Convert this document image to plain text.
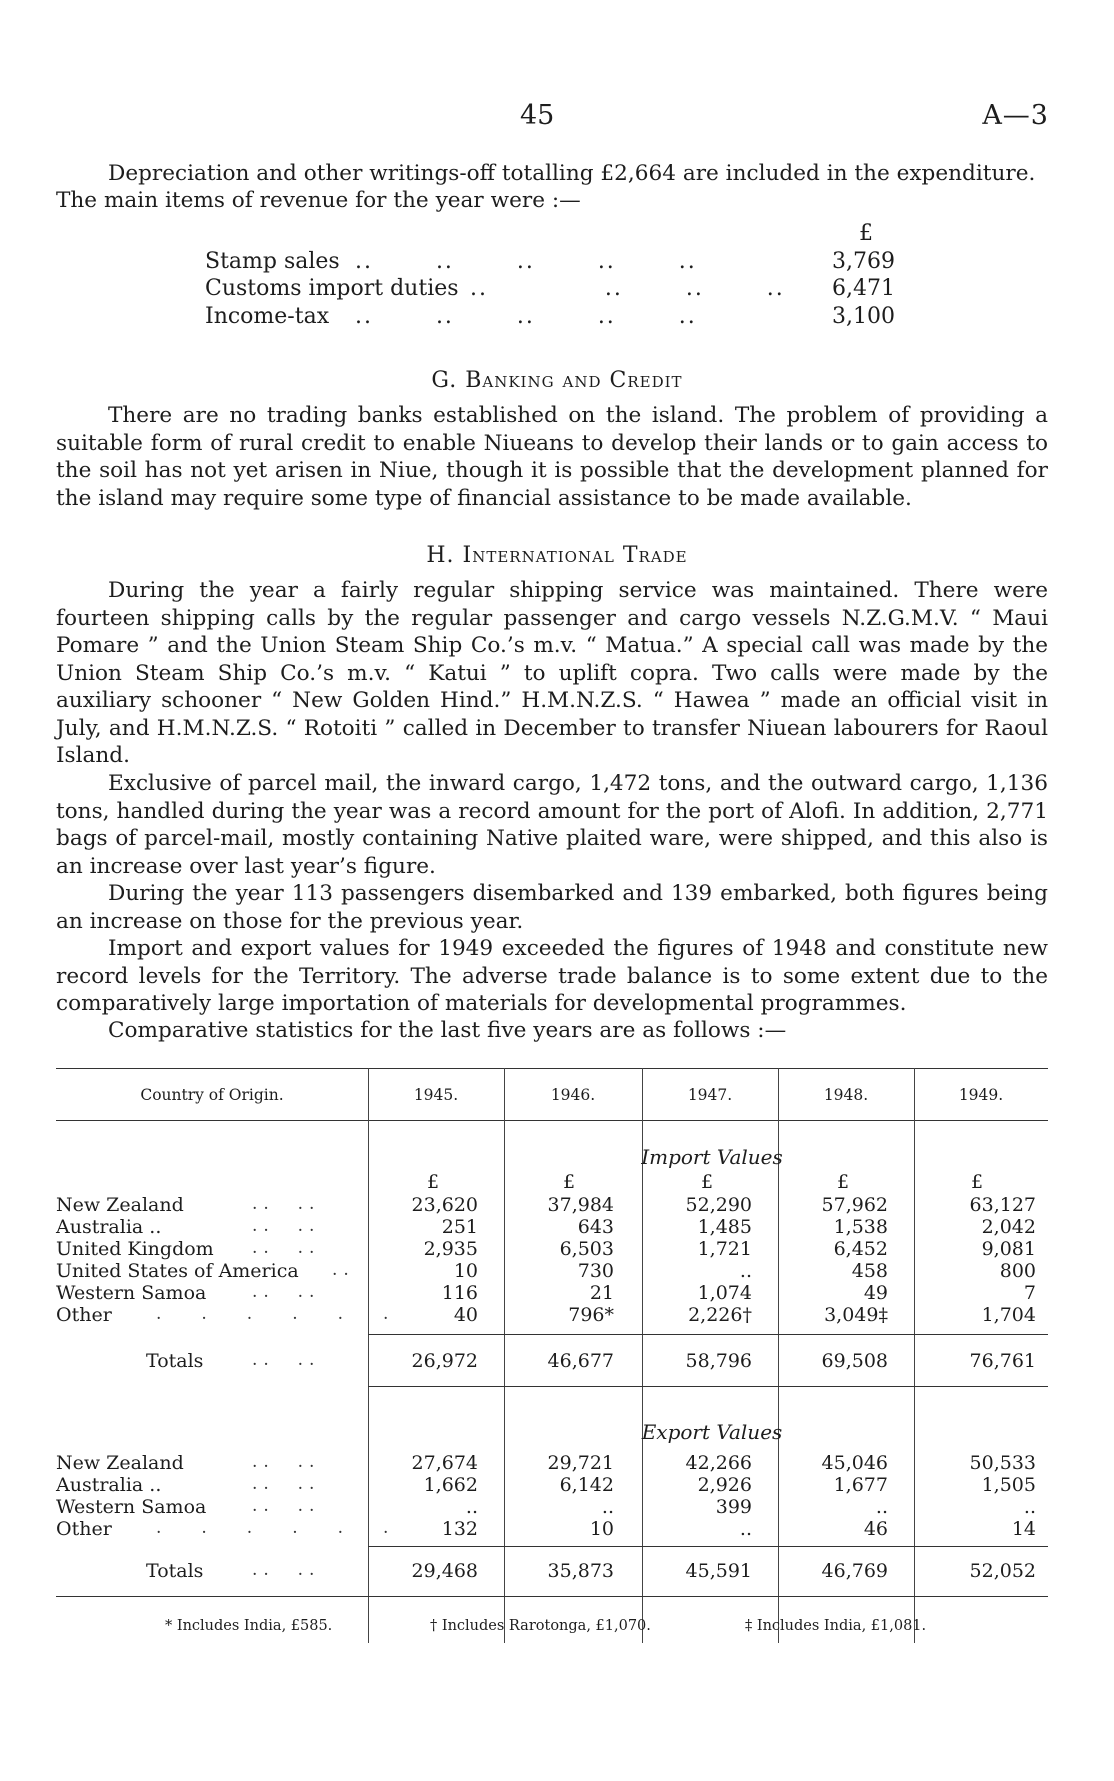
45	A—3

Depreciation and other writings-off totalling £2,664 are included in the expenditure.

The main items of revenue for the year were :—

£
Stamp sales ..       ..       ..       ..       ..	3,769
Customs import duties ..             ..       ..       .. 6,471
Income-tax ..       ..       ..       ..       ..	3,100
G. Banking and Credit

There are no trading banks established on the island. The problem of providing a suitable form of rural credit to enable Niueans to develop their lands or to gain access to the soil has not yet arisen in Niue, though it is possible that the development planned for the island may require some type of financial assistance to be made available.

H. International Trade

During the year a fairly regular shipping service was maintained. There were fourteen shipping calls by the regular passenger and cargo vessels N.Z.G.M.V. “ Maui Pomare ” and the Union Steam Ship Co.’s m.v. “ Matua.” A special call was made by the Union Steam Ship Co.’s m.v. “ Katui ” to uplift copra. Two calls were made by the auxiliary schooner “ New Golden Hind.” H.M.N.Z.S. “ Hawea ” made an official visit in July, and H.M.N.Z.S. “ Rotoiti ” called in December to transfer Niuean labourers for Raoul Island.

Exclusive of parcel mail, the inward cargo, 1,472 tons, and the outward cargo, 1,136 tons, handled during the year was a record amount for the port of Alofi. In addition, 2,771 bags of parcel-mail, mostly containing Native plaited ware, were shipped, and this also is an increase over last year’s figure.

During the year 113 passengers disembarked and 139 embarked, both figures being an increase on those for the previous year.

Import and export values for 1949 exceeded the figures of 1948 and constitute new record levels for the Territory. The adverse trade balance is to some extent due to the comparatively large importation of materials for developmental programmes.

Comparative statistics for the last five years are as follows :—

Country of Origin.	1945.	1946.	1947.	1948.	1949.
Import Values
£	£	£	£	£
New Zealand	..  ..	23,620	37,984	52,290	57,962	63,127
Australia ..	..  ..	251	643	1,485	1,538	2,042
United Kingdom ..  ..	2,935	6,503	1,721	6,452	9,081
United States of America ..	10	730	..	458	800
Western Samoa	..  ..	116	21	1,074	49	7
Other	......	40	796*	2,226†	3,049‡	1,704
Totals	..  ..	26,972	46,677	58,796	69,508	76,761
Export Values
New Zealand	..  ..	27,674	29,721	42,266	45,046	50,533
Australia ..	..  ..	1,662	6,142	2,926	1,677	1,505
Western Samoa	..  ..	..	..	399	..	..
Other	...... 132	10	..	46	14
Totals	..  ..	29,468	35,873	45,591	46,769	52,052
* Includes India, £585.	† Includes Rarotonga, £1,070.	‡ Includes India, £1,081.
